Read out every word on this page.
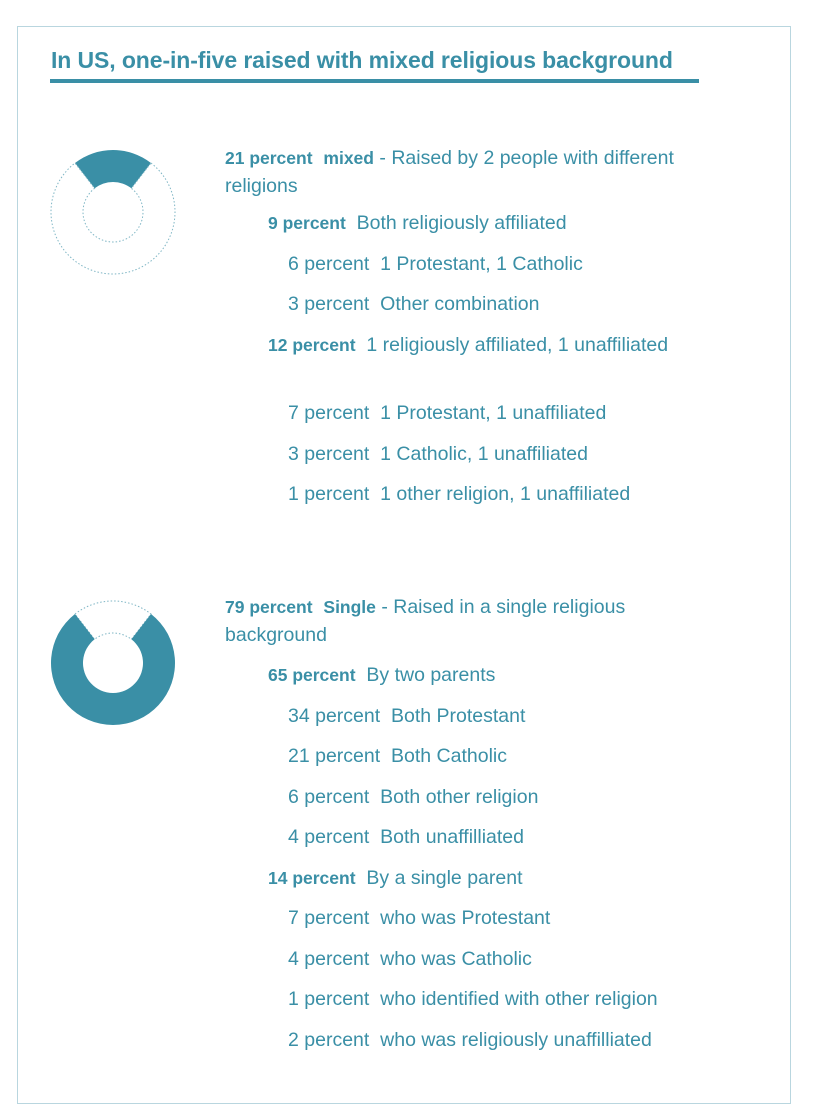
In US, one-in-five raised with mixed religious background
21 percent mixed - Raised by 2 people with different religions
9 percent Both religiously affiliated
6 percent 1 Protestant, 1 Catholic
3 percent Other combination
12 percent 1 religiously affiliated, 1 unaffiliated
7 percent 1 Protestant, 1 unaffiliated
3 percent 1 Catholic, 1 unaffiliated
1 percent 1 other religion, 1 unaffiliated
79 percent Single - Raised in a single religious background
65 percent By two parents
34 percent Both Protestant
21 percent Both Catholic
6 percent Both other religion
4 percent Both unaffilliated
14 percent By a single parent
7 percent who was Protestant
4 percent who was Catholic
1 percent who identified with other religion
2 percent who was religiously unaffilliated
